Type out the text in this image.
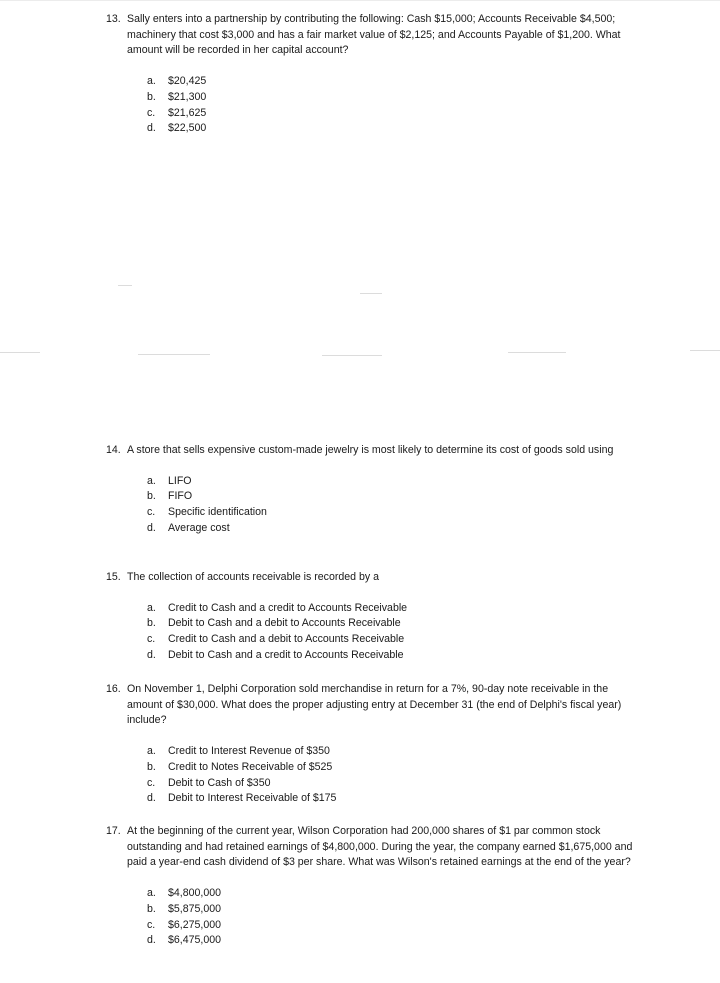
13. Sally enters into a partnership by contributing the following: Cash $15,000; Accounts Receivable $4,500; machinery that cost $3,000 and has a fair market value of $2,125; and Accounts Payable of $1,200. What amount will be recorded in her capital account?
a.	$20,425
b.	$21,300
c.	$21,625
d.	$22,500
14. A store that sells expensive custom-made jewelry is most likely to determine its cost of goods sold using
a.	LIFO
b.	FIFO
c.	Specific identification
d.	Average cost
15. The collection of accounts receivable is recorded by a
a.	Credit to Cash and a credit to Accounts Receivable
b.	Debit to Cash and a debit to Accounts Receivable
c.	Credit to Cash and a debit to Accounts Receivable
d.	Debit to Cash and a credit to Accounts Receivable
16. On November 1, Delphi Corporation sold merchandise in return for a 7%, 90-day note receivable in the amount of $30,000. What does the proper adjusting entry at December 31 (the end of Delphi's fiscal year) include?
a.	Credit to Interest Revenue of $350
b.	Credit to Notes Receivable of $525
c.	Debit to Cash of $350
d.	Debit to Interest Receivable of $175
17. At the beginning of the current year, Wilson Corporation had 200,000 shares of $1 par common stock outstanding and had retained earnings of $4,800,000. During the year, the company earned $1,675,000 and paid a year-end cash dividend of $3 per share. What was Wilson's retained earnings at the end of the year?
a.	$4,800,000
b.	$5,875,000
c.	$6,275,000
d.	$6,475,000
